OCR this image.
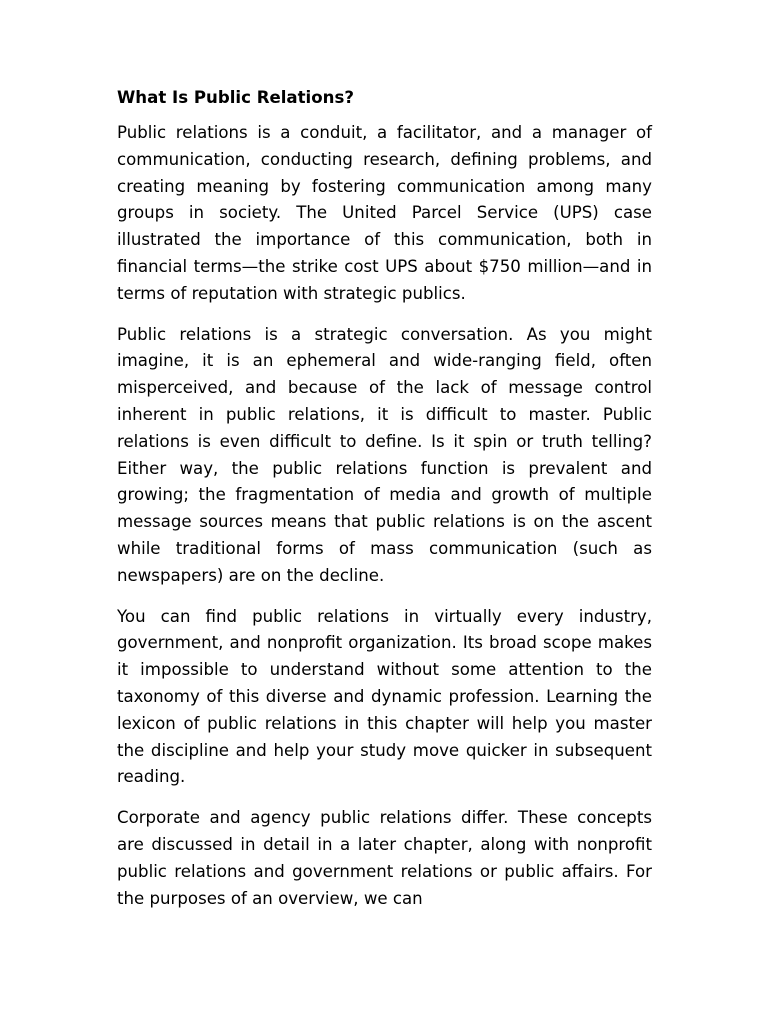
What Is Public Relations?

Public relations is a conduit, a facilitator, and a manager of communication, conducting research, defining problems, and creating meaning by fostering communication among many groups in society. The United Parcel Service (UPS) case illustrated the importance of this communication, both in financial terms—the strike cost UPS about $750 million—and in terms of reputation with strategic publics.

Public relations is a strategic conversation. As you might imagine, it is an ephemeral and wide-ranging field, often misperceived, and because of the lack of message control inherent in public relations, it is difficult to master. Public relations is even difficult to define. Is it spin or truth telling? Either way, the public relations function is prevalent and growing; the fragmentation of media and growth of multiple message sources means that public relations is on the ascent while traditional forms of mass communication (such as newspapers) are on the decline.

You can find public relations in virtually every industry, government, and nonprofit organization. Its broad scope makes it impossible to understand without some attention to the taxonomy of this diverse and dynamic profession. Learning the lexicon of public relations in this chapter will help you master the discipline and help your study move quicker in subsequent reading.

Corporate and agency public relations differ. These concepts are discussed in detail in a later chapter, along with nonprofit public relations and government relations or public affairs. For the purposes of an overview, we can
